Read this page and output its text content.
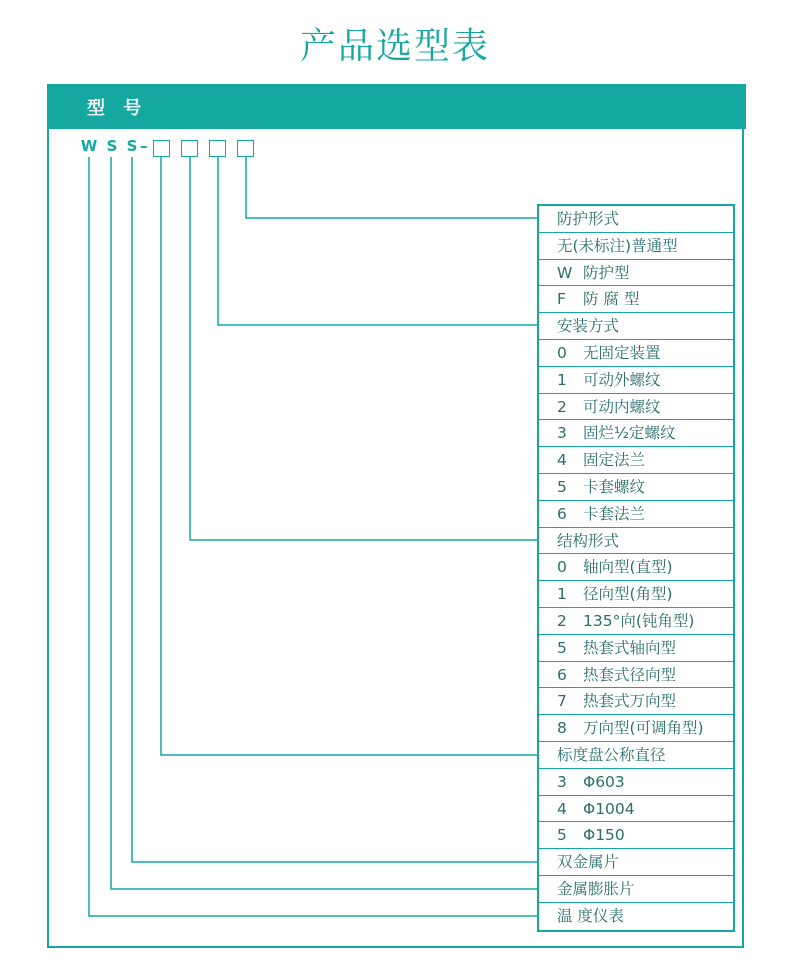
产品选型表
型 号
W S S –
防护形式
无(未标注)普通型
W 防护型
F 防 腐 型
安装方式
0 无固定装置
1 可动外螺纹
2 可动内螺纹
3 固烂½定螺纹
4 固定法兰
5 卡套螺纹
6 卡套法兰
结构形式
0 轴向型(直型)
1 径向型(角型)
2 135°向(钝角型)
5 热套式轴向型
6 热套式径向型
7 热套式万向型
8 万向型(可调角型)
标度盘公称直径
3 Φ603
4 Φ1004
5 Φ150
双金属片
金属膨胀片
温 度仪表
